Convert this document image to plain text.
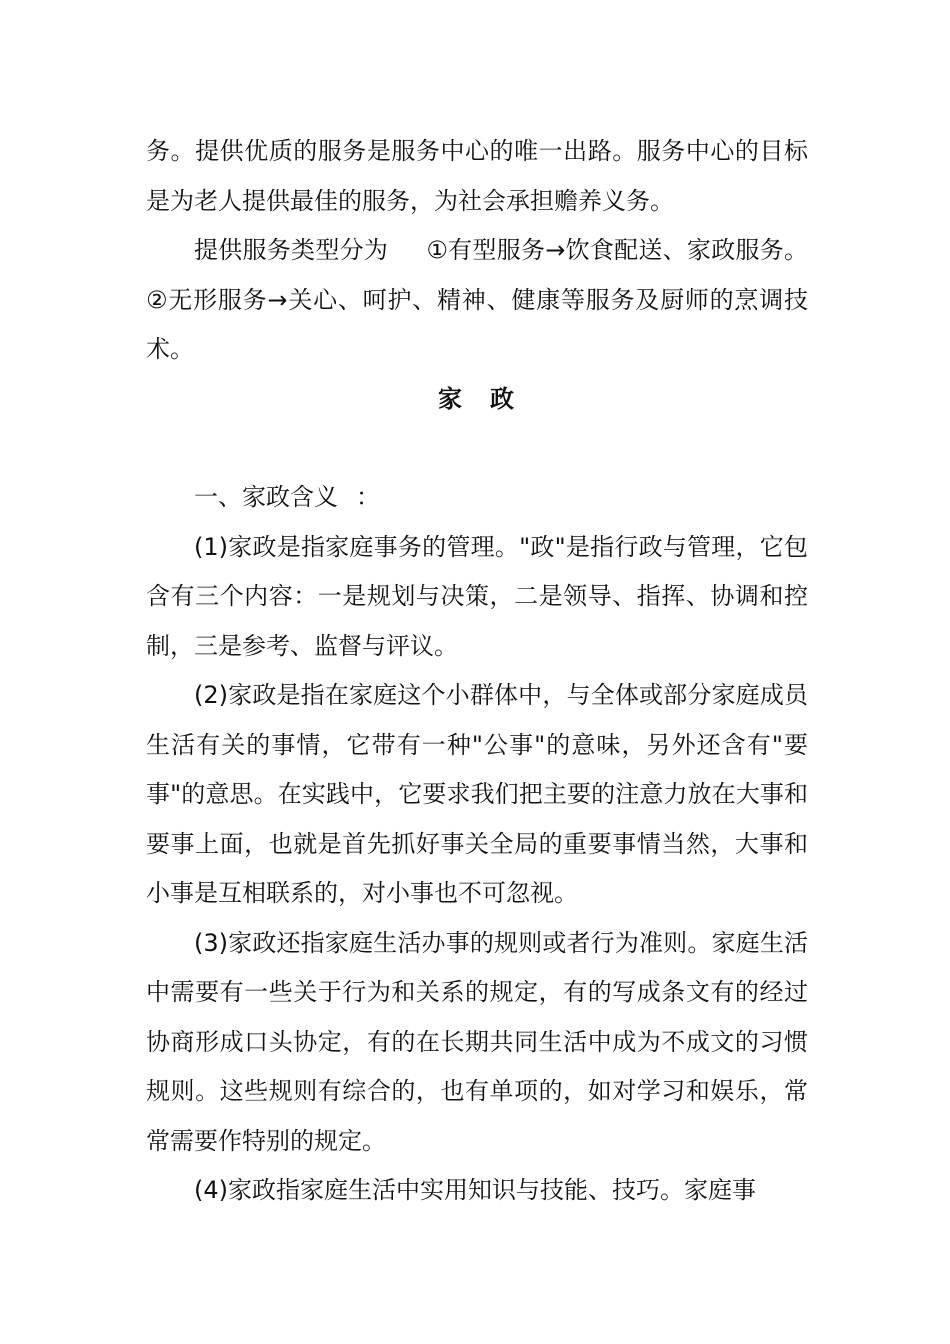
务。提供优质的服务是服务中心的唯一出路。服务中心的目标是为老人提供最佳的服务，为社会承担赡养义务。

提供服务类型分为 ①有型服务→饮食配送、家政服务。②无形服务→关心、呵护、精神、健康等服务及厨师的烹调技术。

家 政

一、家政含义 ：

(1)家政是指家庭事务的管理。"政"是指行政与管理，它包含有三个内容：一是规划与决策，二是领导、指挥、协调和控制，三是参考、监督与评议。

(2)家政是指在家庭这个小群体中，与全体或部分家庭成员生活有关的事情，它带有一种"公事"的意味，另外还含有"要事"的意思。在实践中，它要求我们把主要的注意力放在大事和要事上面，也就是首先抓好事关全局的重要事情当然，大事和小事是互相联系的，对小事也不可忽视。

(3)家政还指家庭生活办事的规则或者行为准则。家庭生活中需要有一些关于行为和关系的规定，有的写成条文有的经过协商形成口头协定，有的在长期共同生活中成为不成文的习惯规则。这些规则有综合的，也有单项的，如对学习和娱乐，常常需要作特别的规定。

(4)家政指家庭生活中实用知识与技能、技巧。家庭事
